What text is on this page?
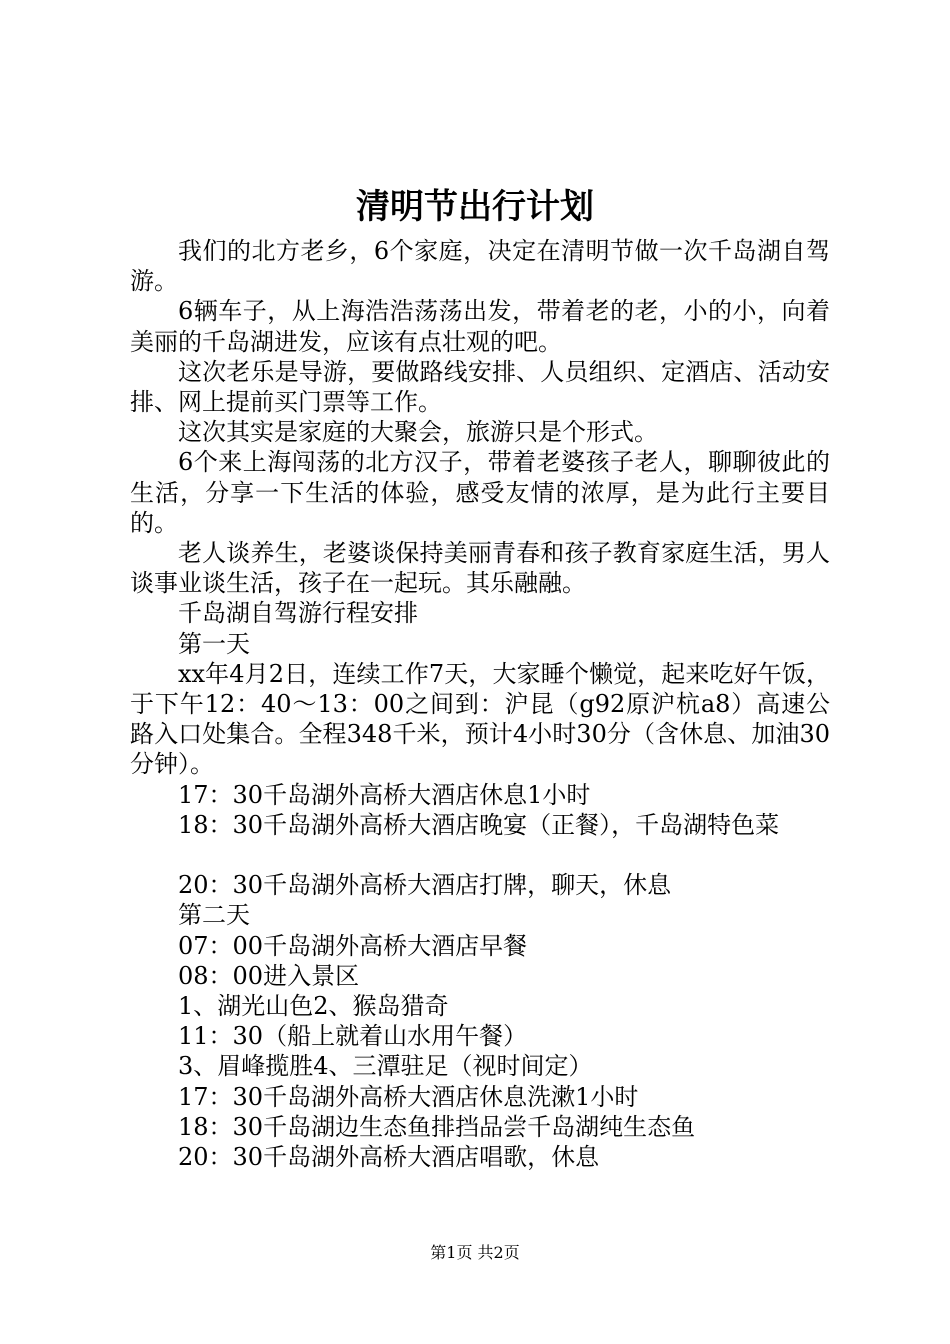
清明节出行计划

我们的北方老乡，6个家庭，决定在清明节做一次千岛湖自驾游。

6辆车子，从上海浩浩荡荡出发，带着老的老，小的小，向着美丽的千岛湖进发，应该有点壮观的吧。

这次老乐是导游，要做路线安排、人员组织、定酒店、活动安排、网上提前买门票等工作。

这次其实是家庭的大聚会，旅游只是个形式。

6个来上海闯荡的北方汉子，带着老婆孩子老人，聊聊彼此的生活，分享一下生活的体验，感受友情的浓厚，是为此行主要目的。

老人谈养生，老婆谈保持美丽青春和孩子教育家庭生活，男人谈事业谈生活，孩子在一起玩。其乐融融。

千岛湖自驾游行程安排

第一天

xx年4月2日，连续工作7天，大家睡个懒觉，起来吃好午饭，于下午12：40～13：00之间到：沪昆（g92原沪杭a8）高速公路入口处集合。全程348千米，预计4小时30分（含休息、加油30分钟）。

17：30千岛湖外高桥大酒店休息1小时

18：30千岛湖外高桥大酒店晚宴（正餐），千岛湖特色菜

20：30千岛湖外高桥大酒店打牌，聊天，休息

第二天

07：00千岛湖外高桥大酒店早餐

08：00进入景区

1、湖光山色2、猴岛猎奇

11：30（船上就着山水用午餐）

3、眉峰揽胜4、三潭驻足（视时间定）

17：30千岛湖外高桥大酒店休息洗漱1小时

18：30千岛湖边生态鱼排挡品尝千岛湖纯生态鱼

20：30千岛湖外高桥大酒店唱歌，休息

第1页 共2页
